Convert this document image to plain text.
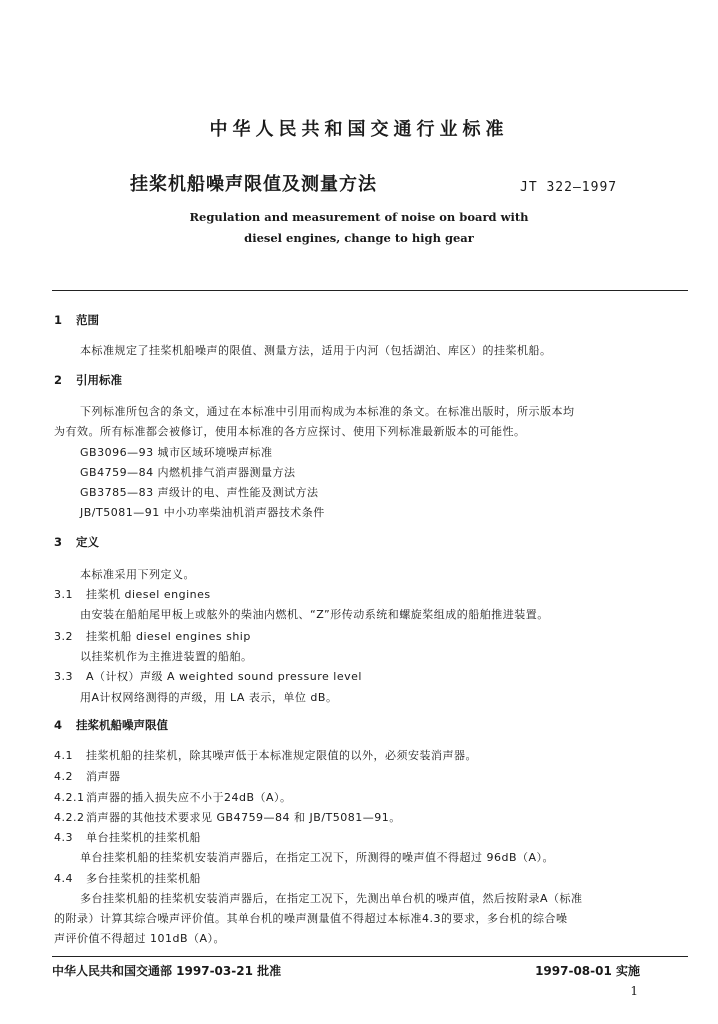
中华人民共和国交通行业标准
挂桨机船噪声限值及测量方法	JT 322—1997
Regulation and measurement of noise on board with
diesel engines, change to high gear
1 范围
本标准规定了挂桨机船噪声的限值、测量方法，适用于内河（包括湖泊、库区）的挂桨机船。
2 引用标准
下列标准所包含的条文，通过在本标准中引用而构成为本标准的条文。在标准出版时，所示版本均
为有效。所有标准都会被修订，使用本标准的各方应探讨、使用下列标准最新版本的可能性。
GB3096—93 城市区域环境噪声标准
GB4759—84 内燃机排气消声器测量方法
GB3785—83 声级计的电、声性能及测试方法
JB/T5081—91 中小功率柴油机消声器技术条件
3 定义
本标准采用下列定义。
3.1 挂桨机 diesel engines
由安装在船舶尾甲板上或舷外的柴油内燃机、“Z”形传动系统和螺旋桨组成的船舶推进装置。
3.2 挂桨机船 diesel engines ship
以挂桨机作为主推进装置的船舶。
3.3 A（计权）声级 A weighted sound pressure level
用A计权网络测得的声级，用 LA 表示，单位 dB。
4 挂桨机船噪声限值
4.1 挂桨机船的挂桨机，除其噪声低于本标准规定限值的以外，必须安装消声器。
4.2 消声器
4.2.1 消声器的插入损失应不小于24dB（A）。
4.2.2 消声器的其他技术要求见 GB4759—84 和 JB/T5081—91。
4.3 单台挂桨机的挂桨机船
单台挂桨机船的挂桨机安装消声器后，在指定工况下，所测得的噪声值不得超过 96dB（A）。
4.4 多台挂桨机的挂桨机船
多台挂桨机船的挂桨机安装消声器后，在指定工况下，先测出单台机的噪声值，然后按附录A（标准
的附录）计算其综合噪声评价值。其单台机的噪声测量值不得超过本标准4.3的要求，多台机的综合噪
声评价值不得超过 101dB（A）。
中华人民共和国交通部 1997-03-21 批准	1997-08-01 实施
1
